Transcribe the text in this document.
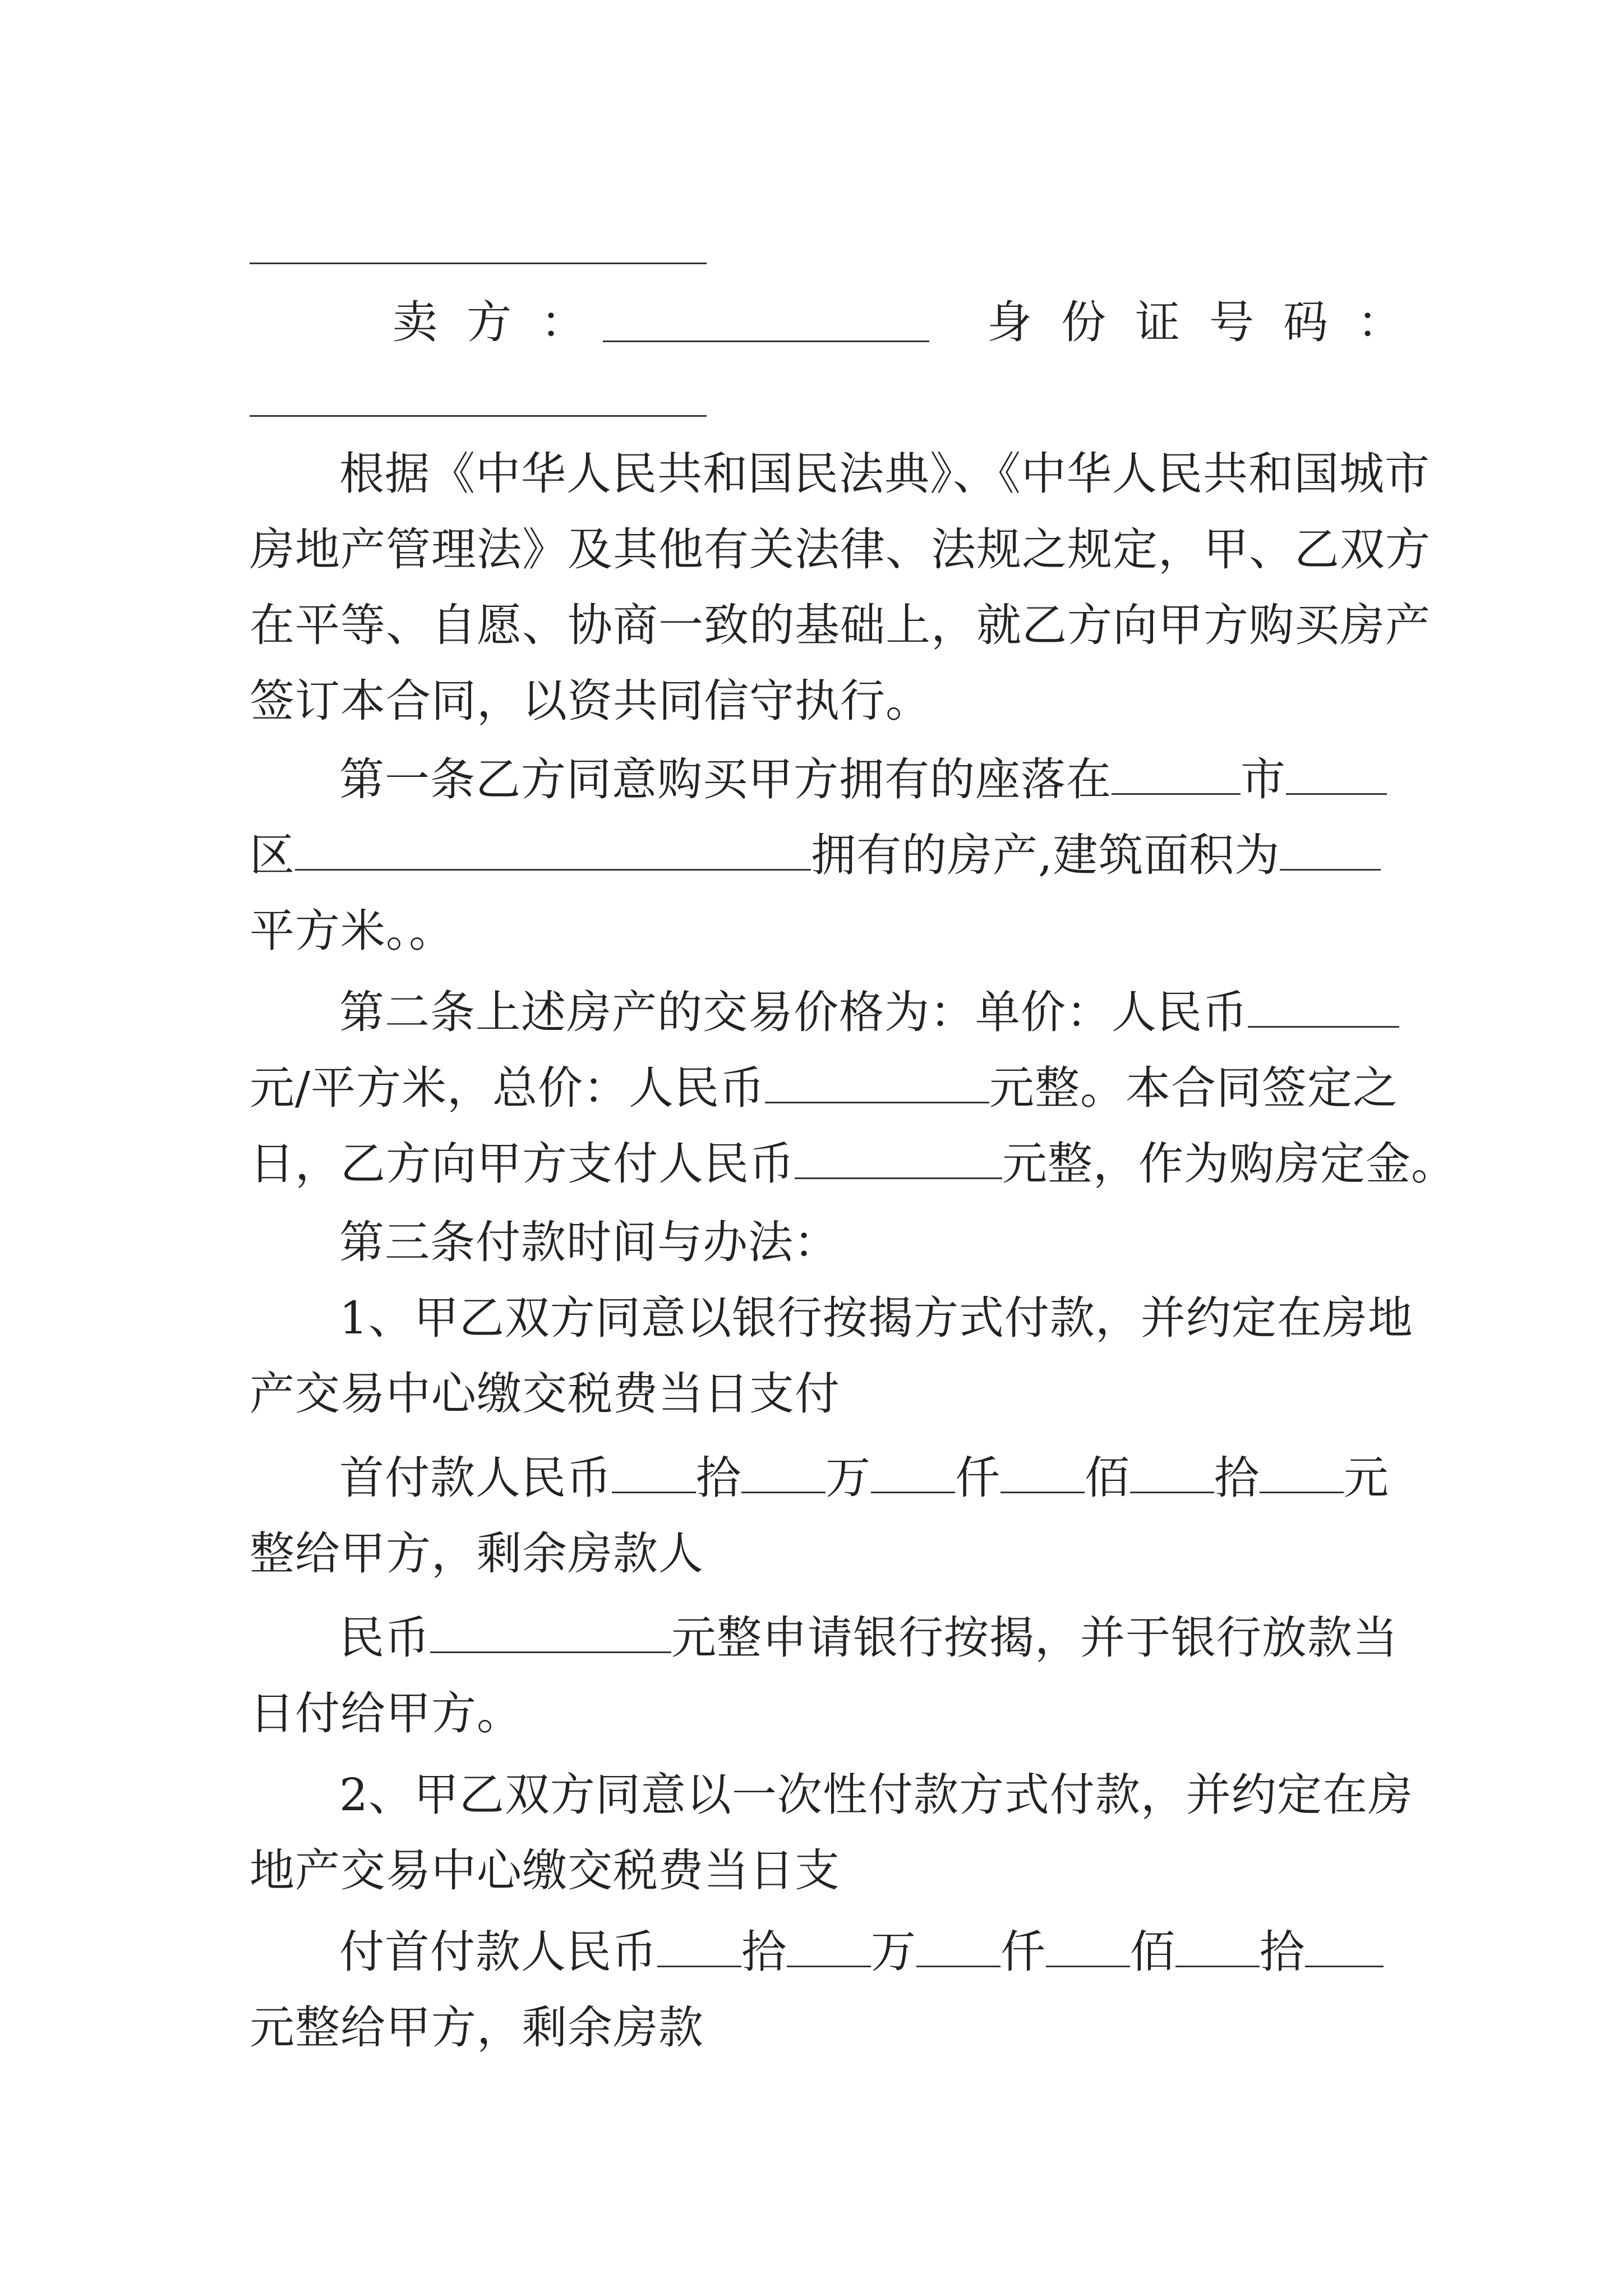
卖方：	身份证号码：
根据《中华人民共和国民法典》、《中华人民共和国城市
房地产管理法》及其他有关法律、法规之规定，甲、乙双方
在平等、自愿、协商一致的基础上，就乙方向甲方购买房产
签订本合同，以资共同信守执行。
第一条乙方同意购买甲方拥有的座落在	市
区	拥有的房产,建筑面积为
平方米。。
第二条上述房产的交易价格为：单价：人民币
元/平方米，总价：人民币	元整。本合同签定之
日，乙方向甲方支付人民币	元整，作为购房定金。
第三条付款时间与办法：
1、甲乙双方同意以银行按揭方式付款，并约定在房地
产交易中心缴交税费当日支付
首付款人民币 拾 万 仟 佰 拾 元
整给甲方，剩余房款人
民币	元整申请银行按揭，并于银行放款当
日付给甲方。
2、甲乙双方同意以一次性付款方式付款，并约定在房
地产交易中心缴交税费当日支
付首付款人民币 拾 万 仟 佰 拾
元整给甲方，剩余房款
